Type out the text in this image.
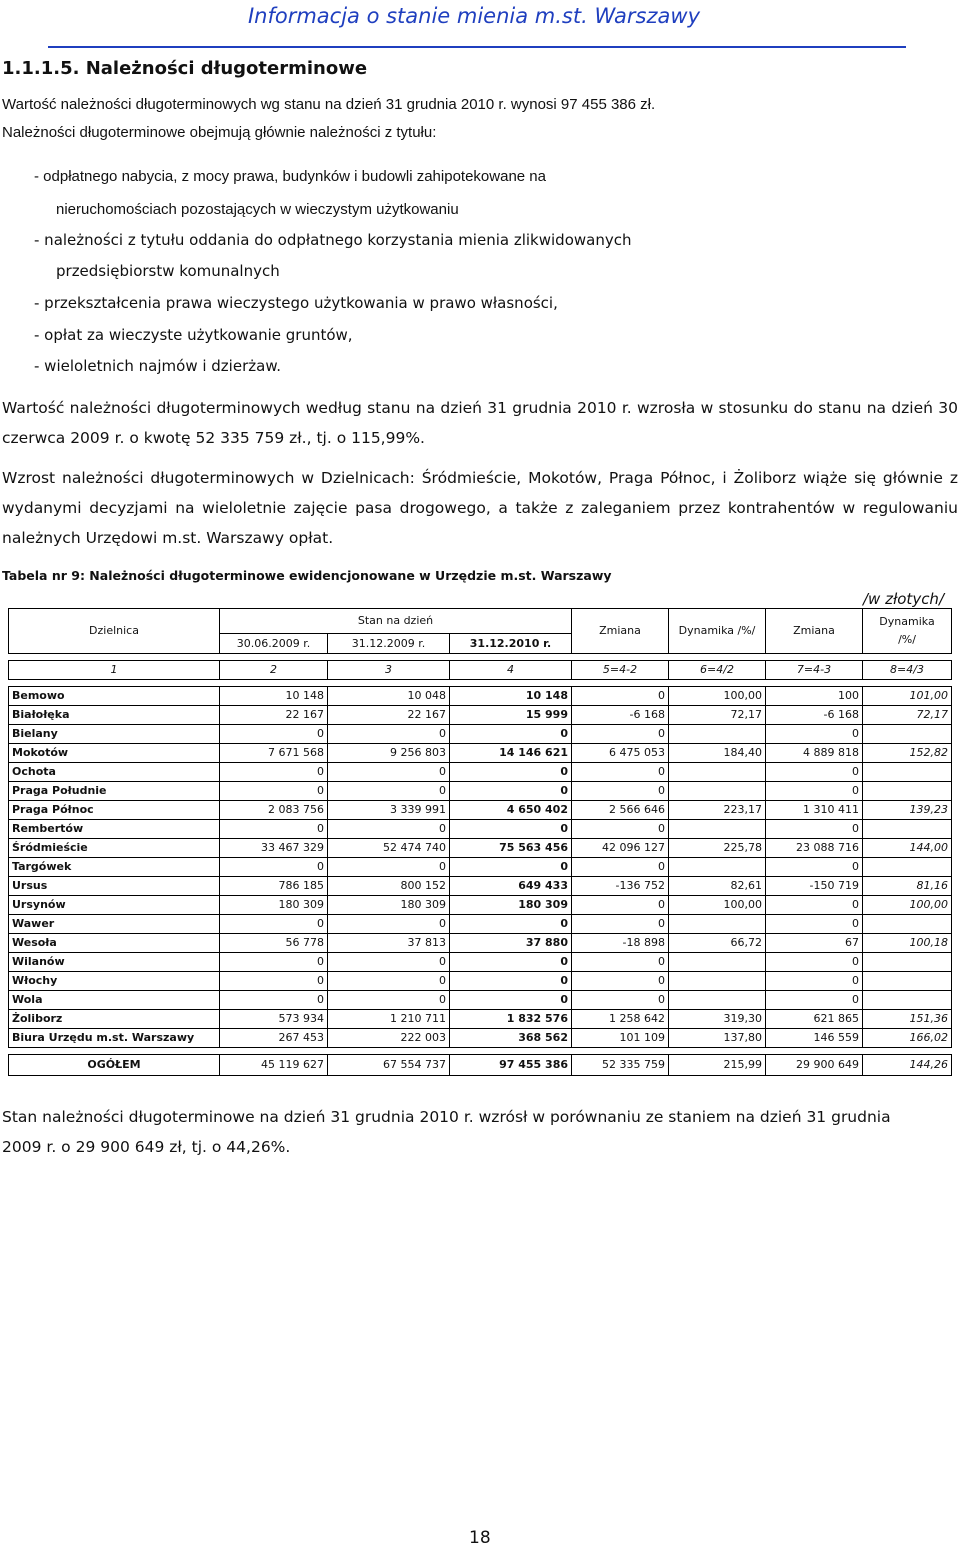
Informacja o stanie mienia m.st. Warszawy
1.1.1.5. Należności długoterminowe
Wartość należności długoterminowych wg stanu na dzień 31 grudnia 2010 r. wynosi 97 455 386 zł.
Należności długoterminowe obejmują głównie należności z tytułu:
- odpłatnego nabycia, z mocy prawa, budynków i budowli zahipotekowane na
nieruchomościach pozostających w wieczystym użytkowaniu
- należności z tytułu oddania do odpłatnego korzystania mienia zlikwidowanych
przedsiębiorstw komunalnych
- przekształcenia prawa wieczystego użytkowania w prawo własności,
- opłat za wieczyste użytkowanie gruntów,
- wieloletnich najmów i dzierżaw.
Wartość należności długoterminowych według stanu na dzień 31 grudnia 2010 r. wzrosła w stosunku do stanu na dzień 30 czerwca 2009 r. o kwotę 52 335 759 zł., tj. o 115,99%.
Wzrost należności długoterminowych w Dzielnicach: Śródmieście, Mokotów, Praga Północ, i Żoliborz wiąże się głównie z wydanymi decyzjami na wieloletnie zajęcie pasa drogowego, a także z zaleganiem przez kontrahentów w regulowaniu należnych Urzędowi m.st. Warszawy opłat.
Tabela nr 9: Należności długoterminowe ewidencjonowane w Urzędzie m.st. Warszawy
/w złotych/
Dzielnica	Stan na dzień			Zmiana	Dynamika /%/	Zmiana	Dynamika
/%/
	30.06.2009 r.	31.12.2009 r.	31.12.2010 r.				

1	2	3	4	5=4-2	6=4/2	7=4-3	8=4/3

Bemowo	10 148	10 048	10 148	0	100,00	100	101,00
Białołęka	22 167	22 167	15 999	-6 168	72,17	-6 168	72,17
Bielany	0	0	0	0		0	
Mokotów	7 671 568	9 256 803	14 146 621	6 475 053	184,40	4 889 818	152,82
Ochota	0	0	0	0		0	
Praga Południe	0	0	0	0		0	
Praga Północ	2 083 756	3 339 991	4 650 402	2 566 646	223,17	1 310 411	139,23
Rembertów	0	0	0	0		0	
Śródmieście	33 467 329	52 474 740	75 563 456	42 096 127	225,78	23 088 716	144,00
Targówek	0	0	0	0		0	
Ursus	786 185	800 152	649 433	-136 752	82,61	-150 719	81,16
Ursynów	180 309	180 309	180 309	0	100,00	0	100,00
Wawer	0	0	0	0		0	
Wesoła	56 778	37 813	37 880	-18 898	66,72	67	100,18
Wilanów	0	0	0	0		0	
Włochy	0	0	0	0		0	
Wola	0	0	0	0		0	
Żoliborz	573 934	1 210 711	1 832 576	1 258 642	319,30	621 865	151,36
Biura Urzędu m.st. Warszawy	267 453	222 003	368 562	101 109	137,80	146 559	166,02

OGÓŁEM	45 119 627	67 554 737	97 455 386	52 335 759	215,99	29 900 649	144,26
Stan należności długoterminowe na dzień 31 grudnia 2010 r. wzrósł w porównaniu ze staniem na dzień 31 grudnia
2009 r. o 29 900 649 zł, tj. o 44,26%.
18
